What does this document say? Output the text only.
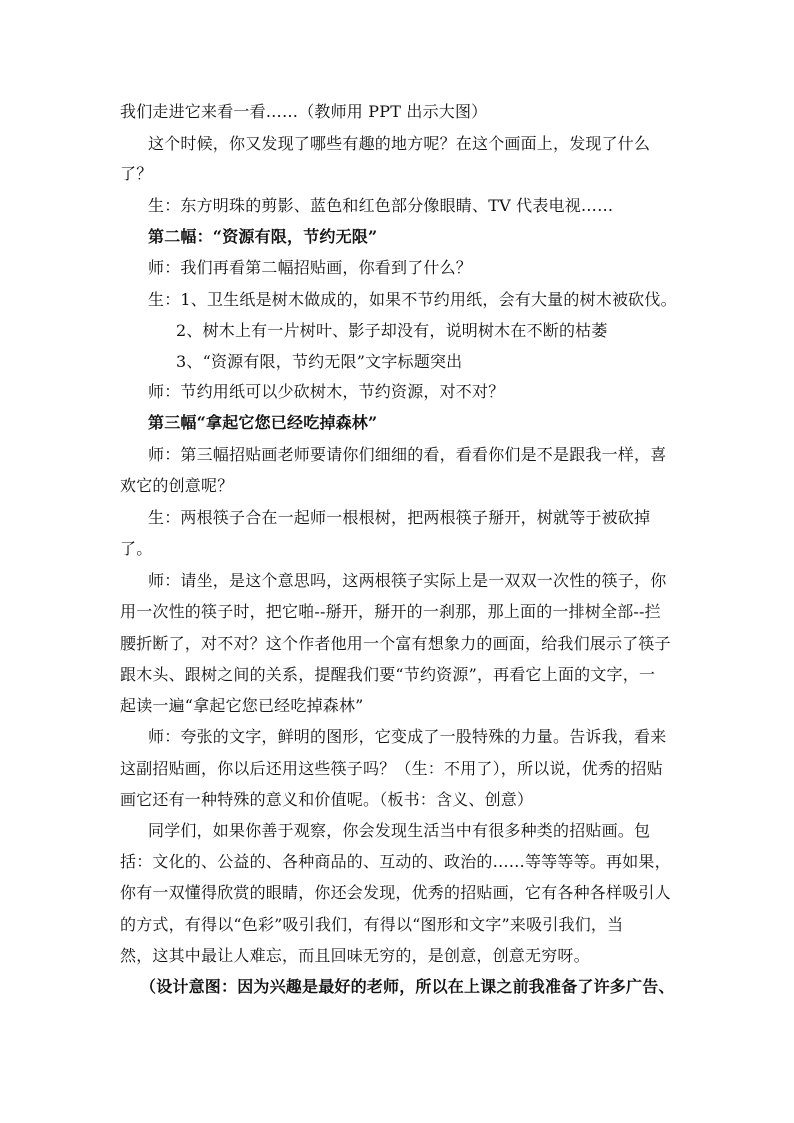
我们走进它来看一看……（教师用 PPT 出示大图）
这个时候，你又发现了哪些有趣的地方呢？在这个画面上，发现了什么
了？
生：东方明珠的剪影、蓝色和红色部分像眼睛、TV 代表电视……
第二幅：“资源有限，节约无限”
师：我们再看第二幅招贴画，你看到了什么？
生：1、卫生纸是树木做成的，如果不节约用纸，会有大量的树木被砍伐。
2、树木上有一片树叶、影子却没有，说明树木在不断的枯萎
3、“资源有限，节约无限”文字标题突出
师：节约用纸可以少砍树木，节约资源，对不对？
第三幅“拿起它您已经吃掉森林”
师：第三幅招贴画老师要请你们细细的看，看看你们是不是跟我一样，喜
欢它的创意呢？
生：两根筷子合在一起师一根根树，把两根筷子掰开，树就等于被砍掉
了。
师：请坐，是这个意思吗，这两根筷子实际上是一双双一次性的筷子，你
用一次性的筷子时，把它啪--掰开，掰开的一刹那，那上面的一排树全部--拦
腰折断了，对不对？这个作者他用一个富有想象力的画面，给我们展示了筷子
跟木头、跟树之间的关系，提醒我们要“节约资源”，再看它上面的文字，一
起读一遍“拿起它您已经吃掉森林”
师：夸张的文字，鲜明的图形，它变成了一股特殊的力量。告诉我，看来
这副招贴画，你以后还用这些筷子吗？（生：不用了），所以说，优秀的招贴
画它还有一种特殊的意义和价值呢。（板书：含义、创意）
同学们，如果你善于观察，你会发现生活当中有很多种类的招贴画。包
括：文化的、公益的、各种商品的、互动的、政治的……等等等等。再如果，
你有一双懂得欣赏的眼睛，你还会发现，优秀的招贴画，它有各种各样吸引人
的方式，有得以“色彩”吸引我们，有得以“图形和文字”来吸引我们，当
然，这其中最让人难忘，而且回味无穷的，是创意，创意无穷呀。
（设计意图：因为兴趣是最好的老师，所以在上课之前我准备了许多广告、
